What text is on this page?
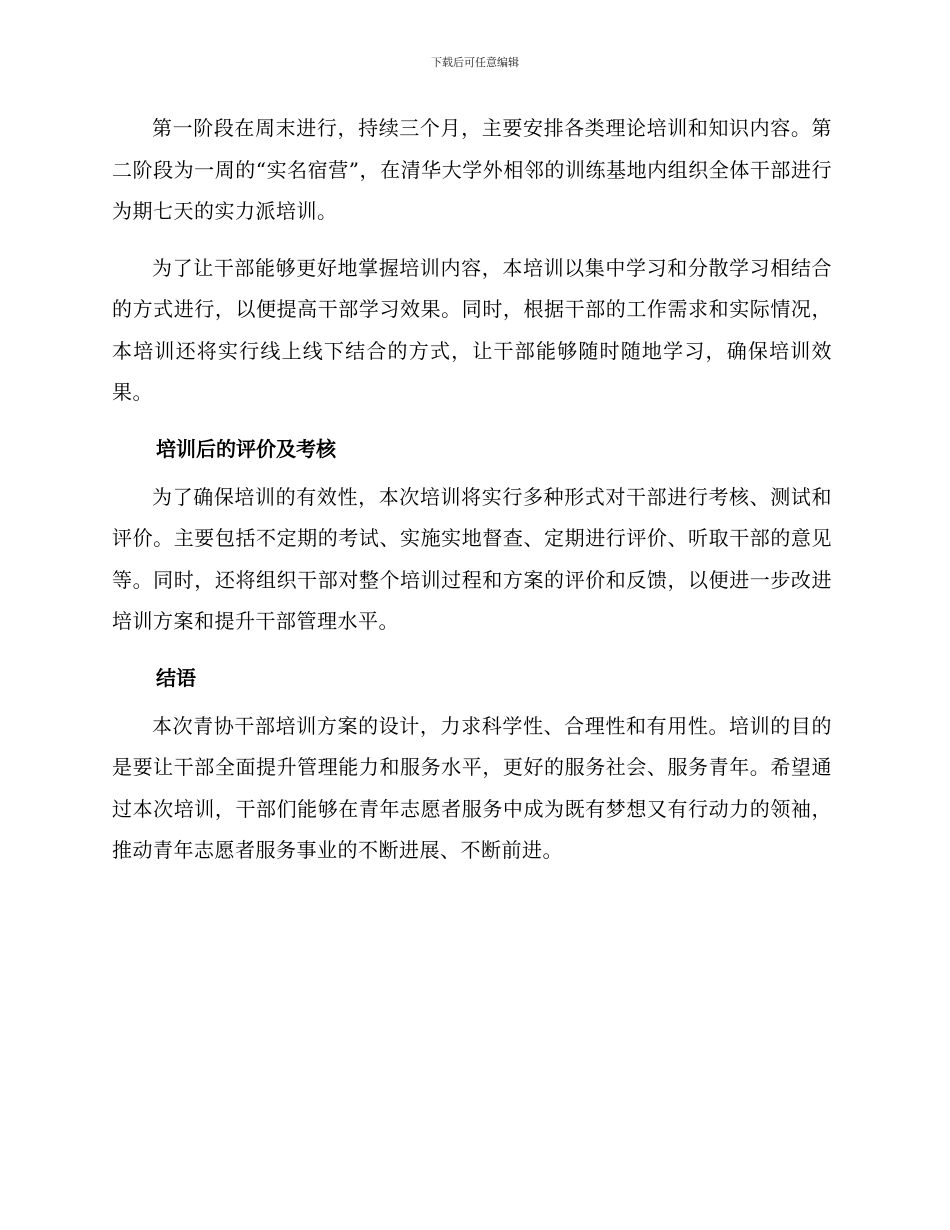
下载后可任意编辑

第一阶段在周末进行，持续三个月，主要安排各类理论培训和知识内容。第二阶段为一周的“实名宿营”，在清华大学外相邻的训练基地内组织全体干部进行为期七天的实力派培训。

为了让干部能够更好地掌握培训内容，本培训以集中学习和分散学习相结合的方式进行，以便提高干部学习效果。同时，根据干部的工作需求和实际情况，本培训还将实行线上线下结合的方式，让干部能够随时随地学习，确保培训效果。

培训后的评价及考核

为了确保培训的有效性，本次培训将实行多种形式对干部进行考核、测试和评价。主要包括不定期的考试、实施实地督查、定期进行评价、听取干部的意见等。同时，还将组织干部对整个培训过程和方案的评价和反馈，以便进一步改进培训方案和提升干部管理水平。

结语

本次青协干部培训方案的设计，力求科学性、合理性和有用性。培训的目的是要让干部全面提升管理能力和服务水平，更好的服务社会、服务青年。希望通过本次培训，干部们能够在青年志愿者服务中成为既有梦想又有行动力的领袖，推动青年志愿者服务事业的不断进展、不断前进。
